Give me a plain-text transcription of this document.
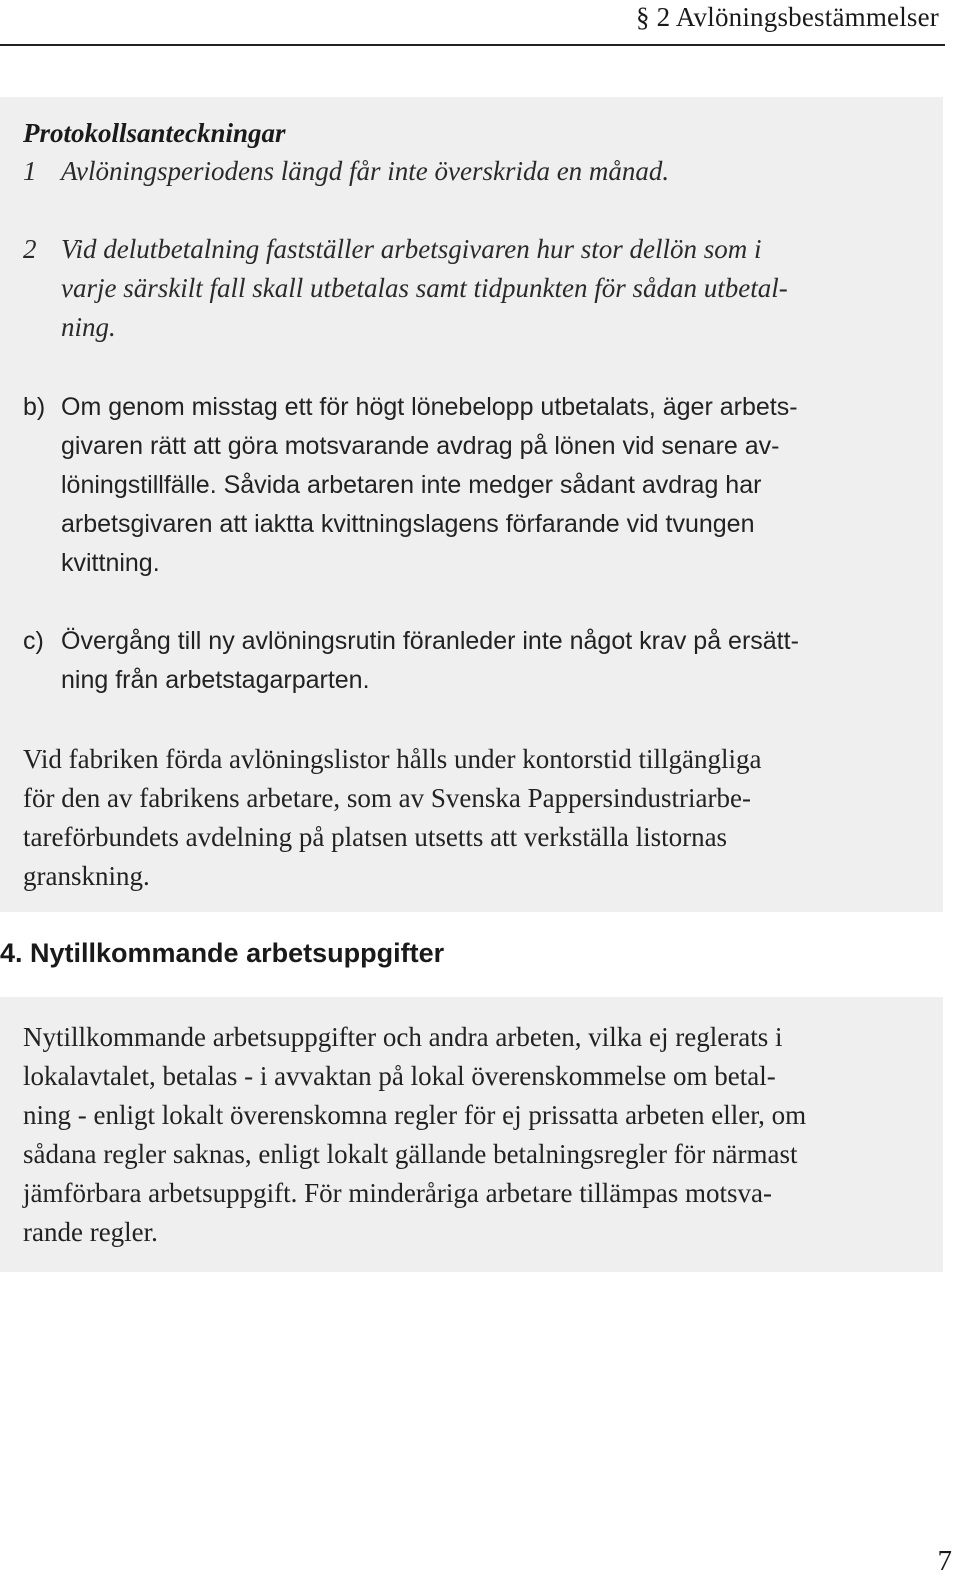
§ 2 Avlöningsbestämmelser
Protokollsanteckningar

1 Avlöningsperiodens längd får inte överskrida en månad.

2 Vid delutbetalning fastställer arbetsgivaren hur stor dellön som i

varje särskilt fall skall utbetalas samt tidpunkten för sådan utbetal-

ning.

b) Om genom misstag ett för högt lönebelopp utbetalats, äger arbets-

givaren rätt att göra motsvarande avdrag på lönen vid senare av-

löningstillfälle. Såvida arbetaren inte medger sådant avdrag har

arbetsgivaren att iaktta kvittningslagens förfarande vid tvungen

kvittning.

c) Övergång till ny avlöningsrutin föranleder inte något krav på ersätt-

ning från arbetstagarparten.

Vid fabriken förda avlöningslistor hålls under kontorstid tillgängliga

för den av fabrikens arbetare, som av Svenska Pappersindustriarbe-

tareförbundets avdelning på platsen utsetts att verkställa listornas

granskning.

4. Nytillkommande arbetsuppgifter

Nytillkommande arbetsuppgifter och andra arbeten, vilka ej reglerats i

lokalavtalet, betalas - i avvaktan på lokal överenskommelse om betal-

ning - enligt lokalt överenskomna regler för ej prissatta arbeten eller, om

sådana regler saknas, enligt lokalt gällande betalningsregler för närmast

jämförbara arbetsuppgift. För minderåriga arbetare tillämpas motsva-

rande regler.

7
